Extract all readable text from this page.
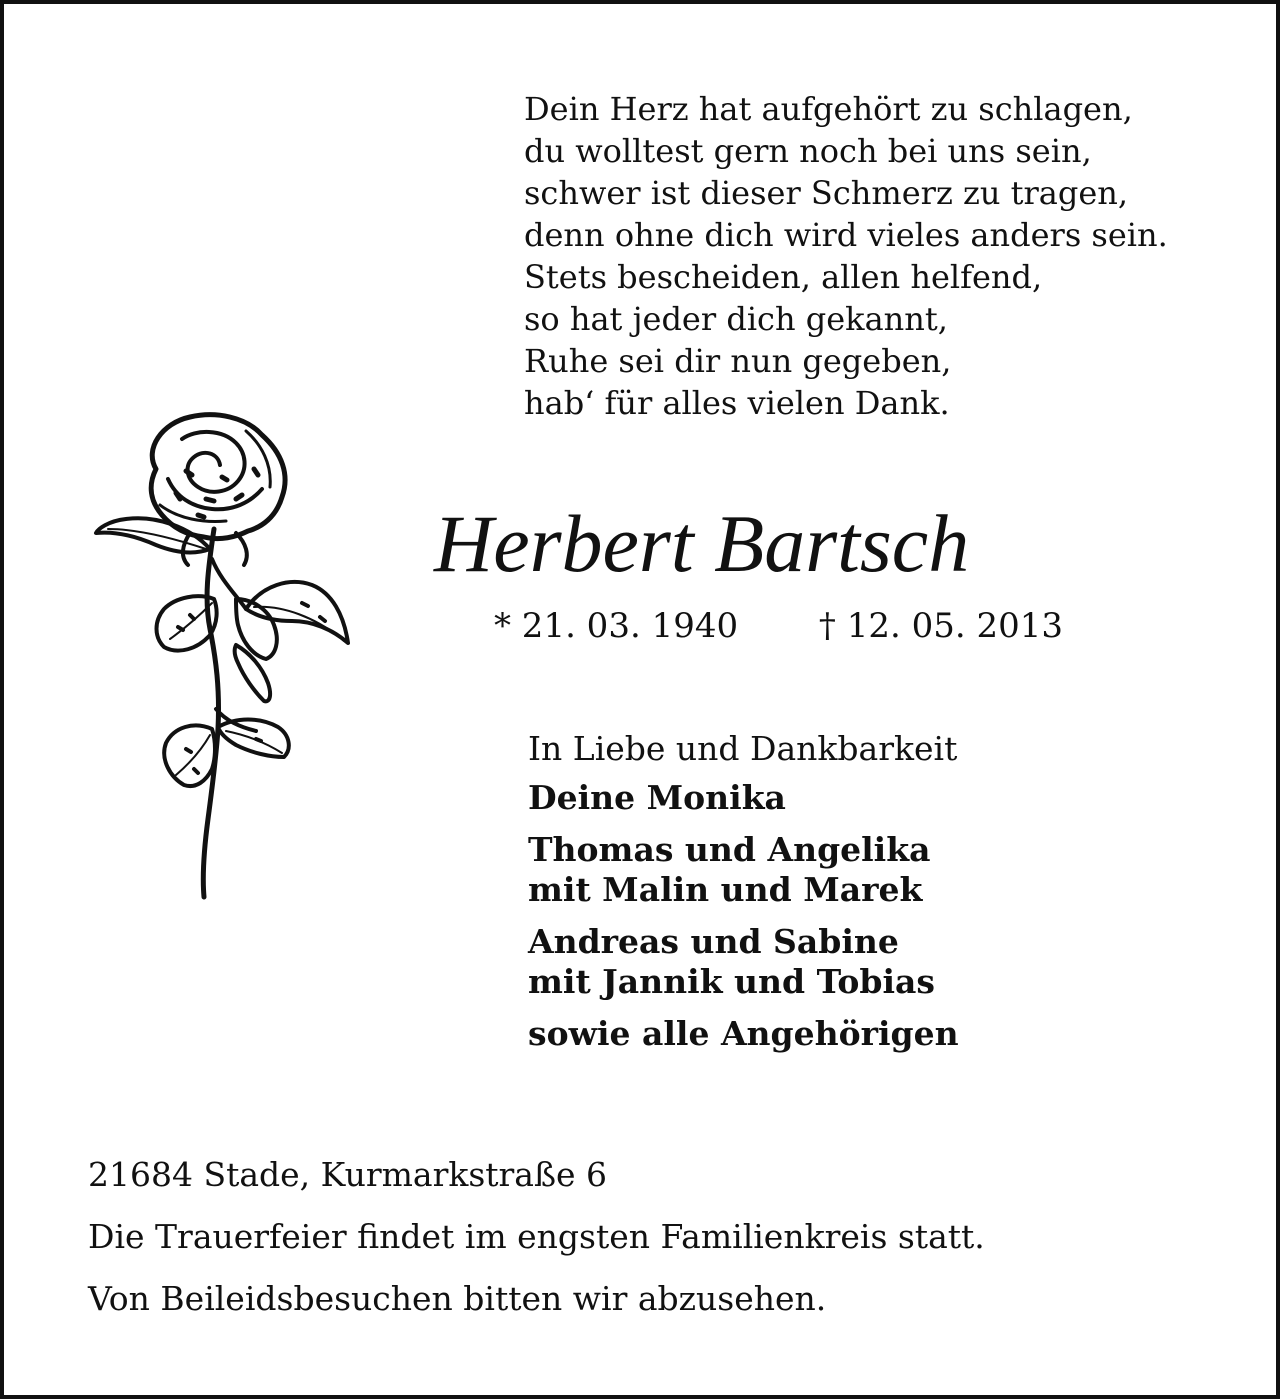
Dein Herz hat aufgehört zu schlagen,
du wolltest gern noch bei uns sein,
schwer ist dieser Schmerz zu tragen,
denn ohne dich wird vieles anders sein.
Stets bescheiden, allen helfend,
so hat jeder dich gekannt,
Ruhe sei dir nun gegeben,
hab‘ für alles vielen Dank.
Herbert Bartsch
* 21. 03. 1940 † 12. 05. 2013
In Liebe und Dankbarkeit
Deine Monika
Thomas und Angelika
mit Malin und Marek
Andreas und Sabine
mit Jannik und Tobias
sowie alle Angehörigen
21684 Stade, Kurmarkstraße 6
Die Trauerfeier findet im engsten Familienkreis statt.
Von Beileidsbesuchen bitten wir abzusehen.
